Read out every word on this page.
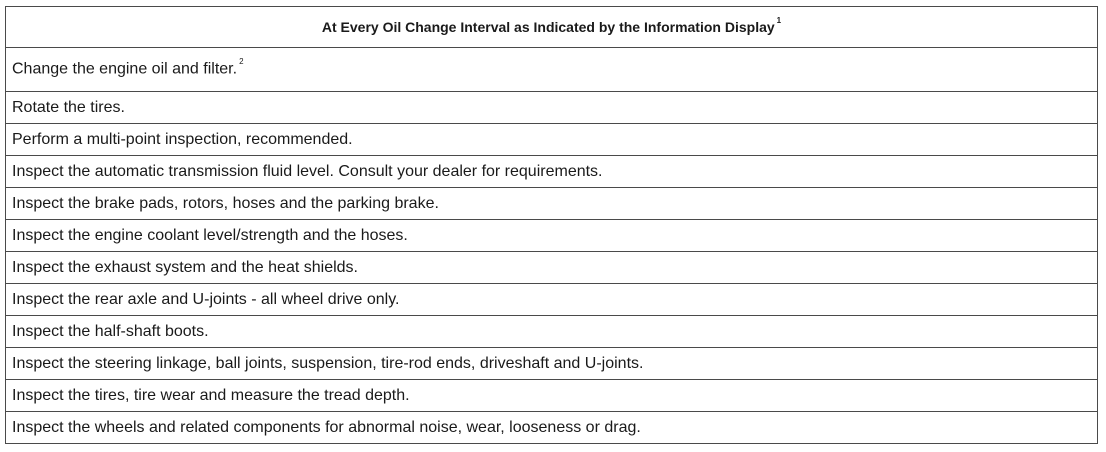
At Every Oil Change Interval as Indicated by the Information Display $^1$
Change the engine oil and filter. $^2$
Rotate the tires.
Perform a multi-point inspection, recommended.
Inspect the automatic transmission fluid level. Consult your dealer for requirements.
Inspect the brake pads, rotors, hoses and the parking brake.
Inspect the engine coolant level/strength and the hoses.
Inspect the exhaust system and the heat shields.
Inspect the rear axle and U-joints - all wheel drive only.
Inspect the half-shaft boots.
Inspect the steering linkage, ball joints, suspension, tire-rod ends, driveshaft and U-joints.
Inspect the tires, tire wear and measure the tread depth.
Inspect the wheels and related components for abnormal noise, wear, looseness or drag.
